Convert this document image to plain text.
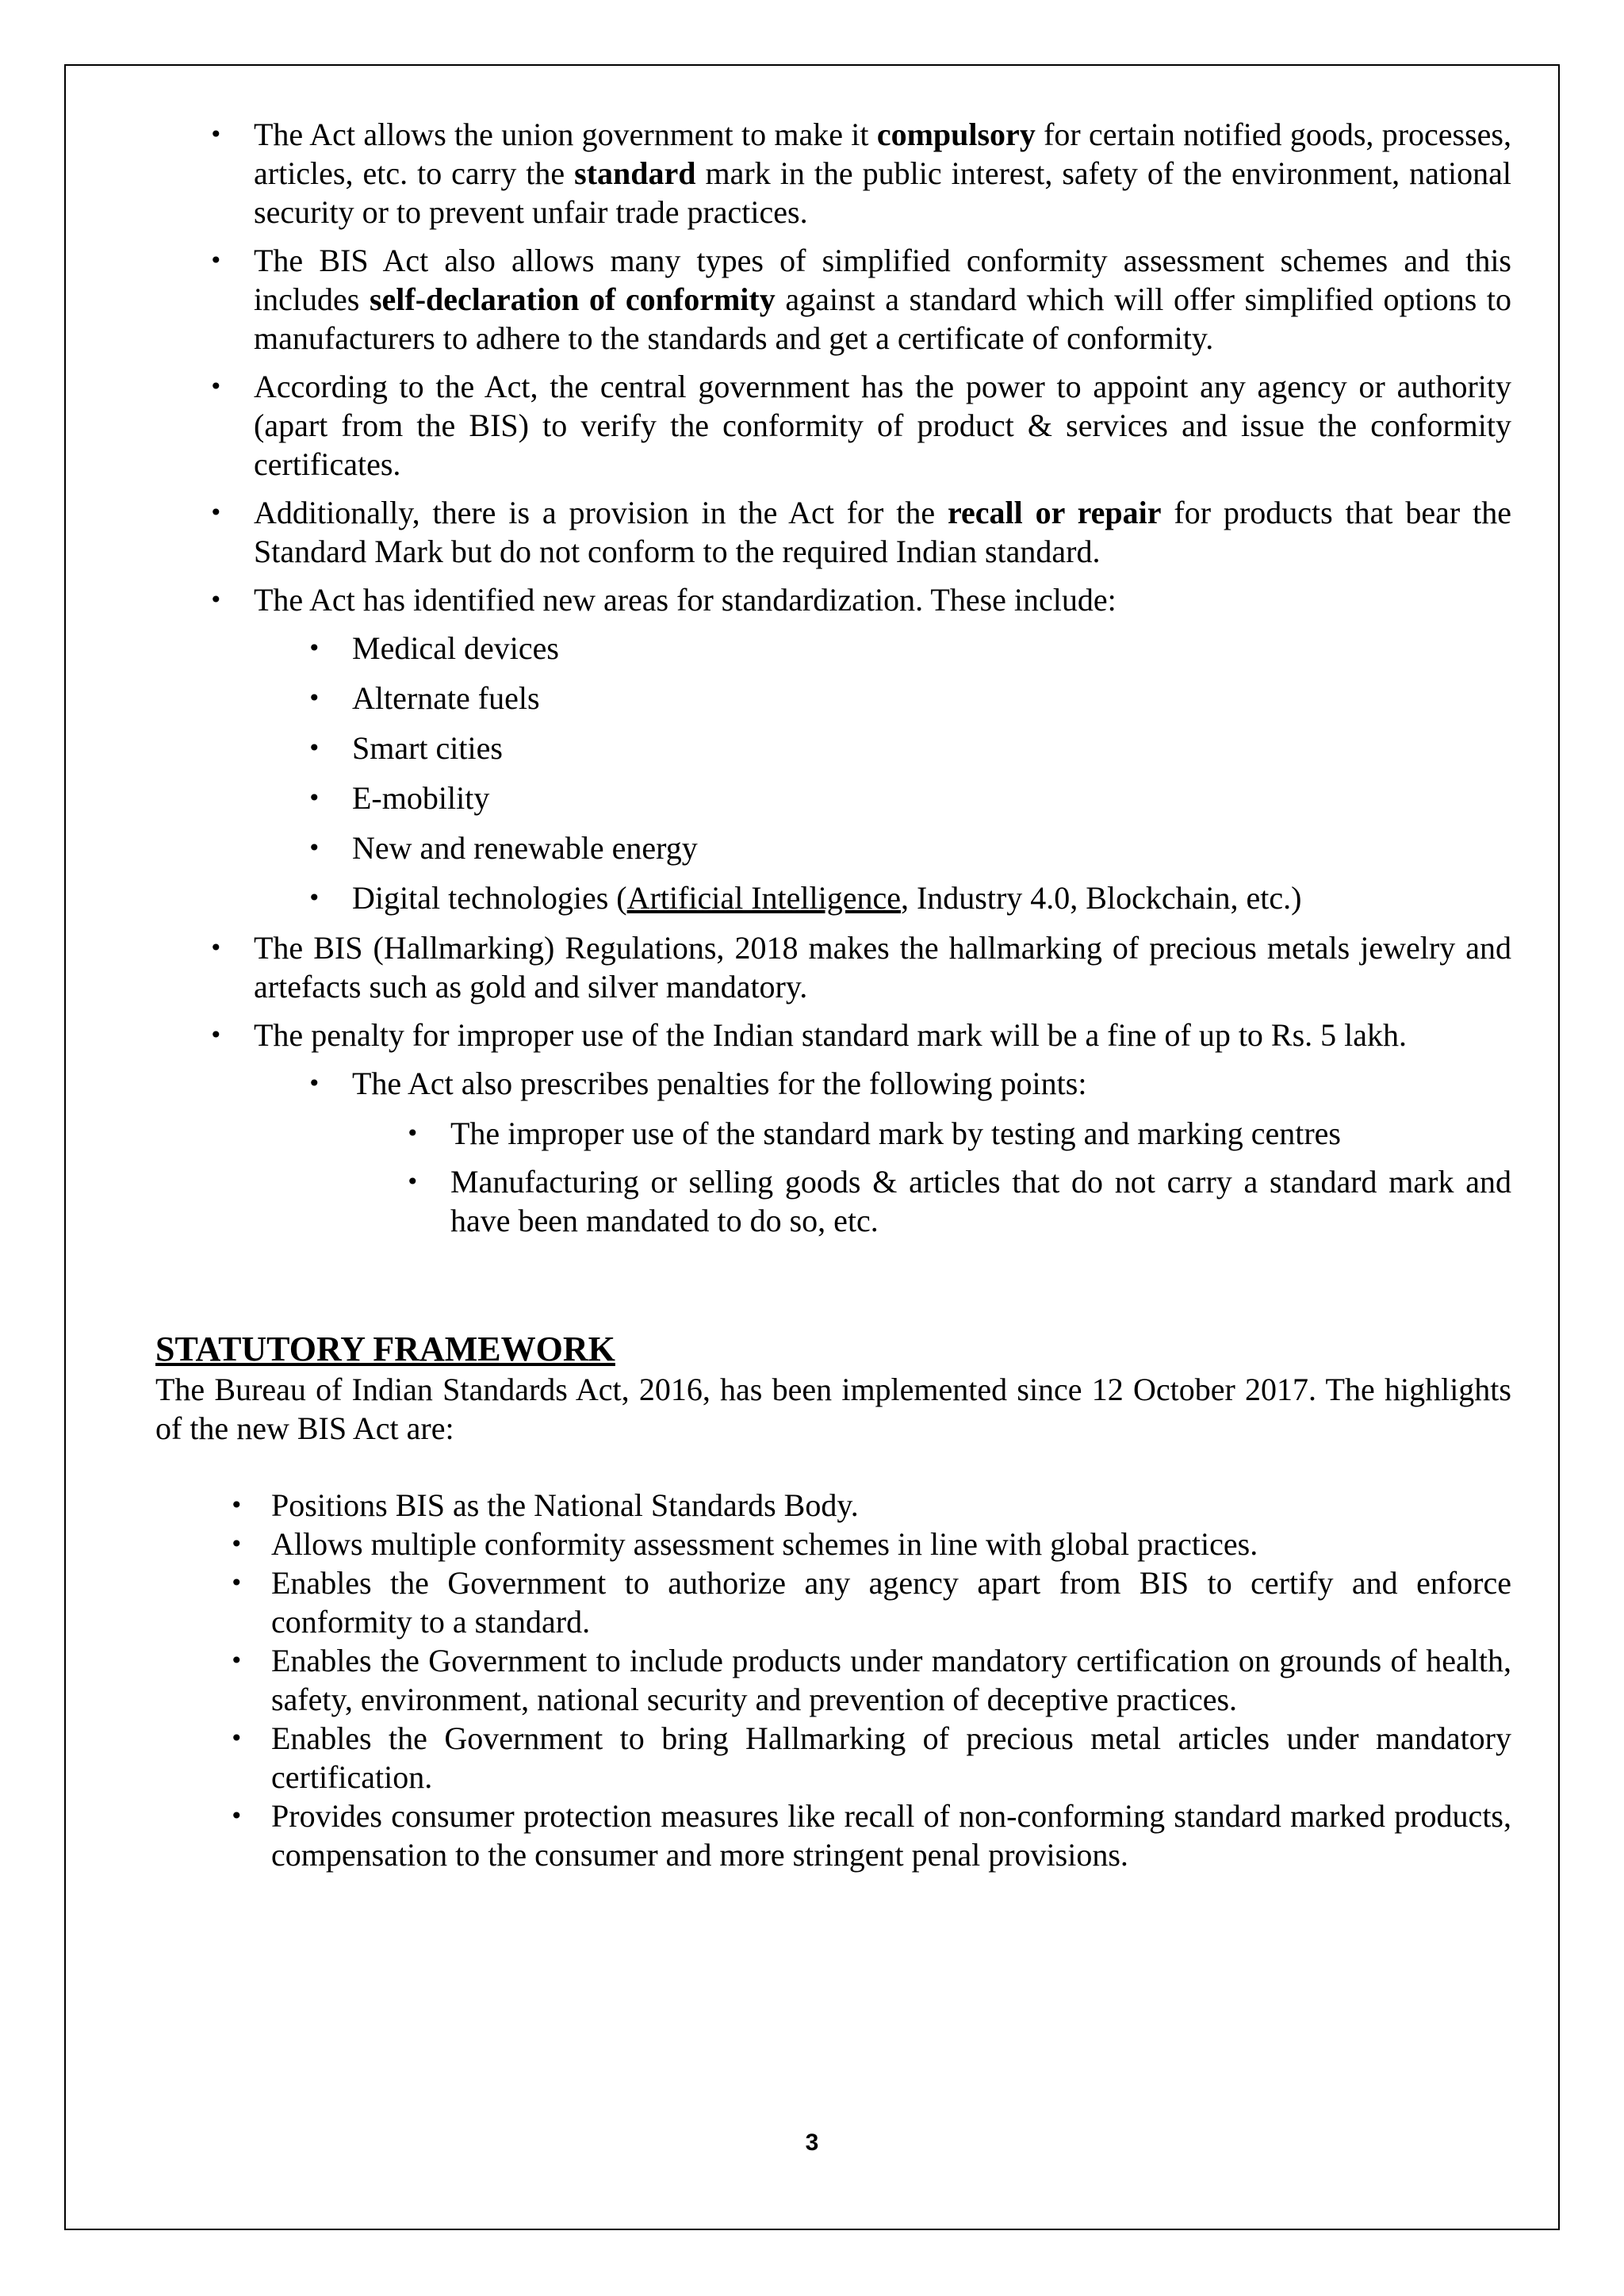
• The Act allows the union government to make it compulsory for certain notified goods, processes, articles, etc. to carry the standard mark in the public interest, safety of the environment, national security or to prevent unfair trade practices.
• The BIS Act also allows many types of simplified conformity assessment schemes and this includes self-declaration of conformity against a standard which will offer simplified options to manufacturers to adhere to the standards and get a certificate of conformity.
• According to the Act, the central government has the power to appoint any agency or authority (apart from the BIS) to verify the conformity of product & services and issue the conformity certificates.
• Additionally, there is a provision in the Act for the recall or repair for products that bear the Standard Mark but do not conform to the required Indian standard.
• The Act has identified new areas for standardization. These include:
• Medical devices
• Alternate fuels
• Smart cities
• E-mobility
• New and renewable energy
• Digital technologies (Artificial Intelligence, Industry 4.0, Blockchain, etc.)
• The BIS (Hallmarking) Regulations, 2018 makes the hallmarking of precious metals jewelry and artefacts such as gold and silver mandatory.
• The penalty for improper use of the Indian standard mark will be a fine of up to Rs. 5 lakh.
• The Act also prescribes penalties for the following points:
• The improper use of the standard mark by testing and marking centres
• Manufacturing or selling goods & articles that do not carry a standard mark and have been mandated to do so, etc.
STATUTORY FRAMEWORK
The Bureau of Indian Standards Act, 2016, has been implemented since 12 October 2017. The highlights of the new BIS Act are:
• Positions BIS as the National Standards Body.
• Allows multiple conformity assessment schemes in line with global practices.
• Enables the Government to authorize any agency apart from BIS to certify and enforce conformity to a standard.
• Enables the Government to include products under mandatory certification on grounds of health, safety, environment, national security and prevention of deceptive practices.
• Enables the Government to bring Hallmarking of precious metal articles under mandatory certification.
• Provides consumer protection measures like recall of non-conforming standard marked products, compensation to the consumer and more stringent penal provisions.
3
